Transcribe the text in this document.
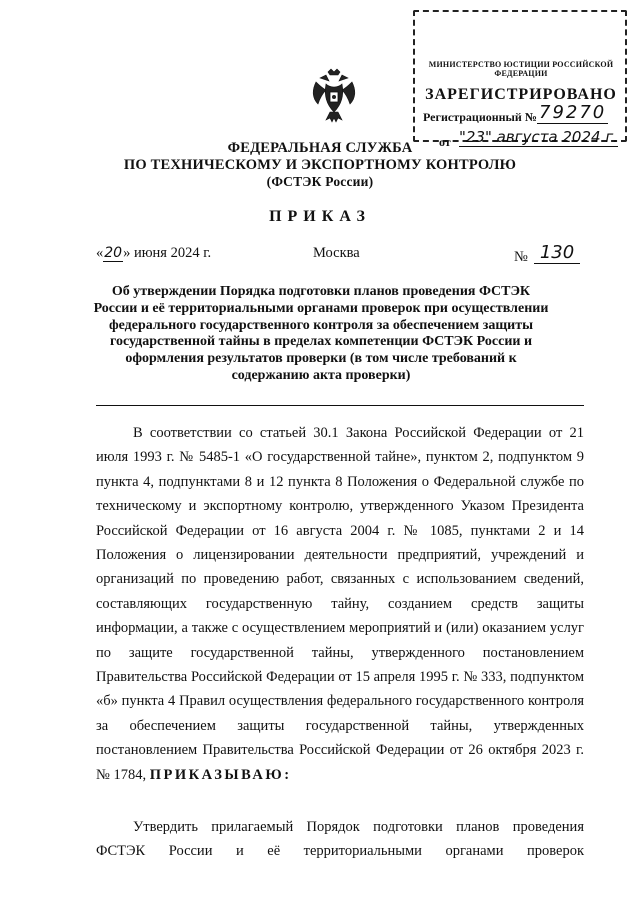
МИНИСТЕРСТВО ЮСТИЦИИ РОССИЙСКОЙ ФЕДЕРАЦИИ
ЗАРЕГИСТРИРОВАНО
Регистрационный № 79270
от "23" августа 2024 г.
ФЕДЕРАЛЬНАЯ СЛУЖБА
ПО ТЕХНИЧЕСКОМУ И ЭКСПОРТНОМУ КОНТРОЛЮ
(ФСТЭК России)
ПРИКАЗ
«20» июня 2024 г.	Москва	№ 130
Об утверждении Порядка подготовки планов проведения ФСТЭК России и её территориальными органами проверок при осуществлении федерального государственного контроля за обеспечением защиты государственной тайны в пределах компетенции ФСТЭК России и оформления результатов проверки (в том числе требований к содержанию акта проверки)

В соответствии со статьей 30.1 Закона Российской Федерации от 21 июля 1993 г. № 5485-1 «О государственной тайне», пунктом 2, подпунктом 9 пункта 4, подпунктами 8 и 12 пункта 8 Положения о Федеральной службе по техническому и экспортному контролю, утвержденного Указом Президента Российской Федерации от 16 августа 2004 г. № 1085, пунктами 2 и 14 Положения о лицензировании деятельности предприятий, учреждений и организаций по проведению работ, связанных с использованием сведений, составляющих государственную тайну, созданием средств защиты информации, а также с осуществлением мероприятий и (или) оказанием услуг по защите государственной тайны, утвержденного постановлением Правительства Российской Федерации от 15 апреля 1995 г. № 333, подпунктом «б» пункта 4 Правил осуществления федерального государственного контроля за обеспечением защиты государственной тайны, утвержденных постановлением Правительства Российской Федерации от 26 октября 2023 г. № 1784, ПРИКАЗЫВАЮ:

Утвердить прилагаемый Порядок подготовки планов проведения ФСТЭК России и её территориальными органами проверок
